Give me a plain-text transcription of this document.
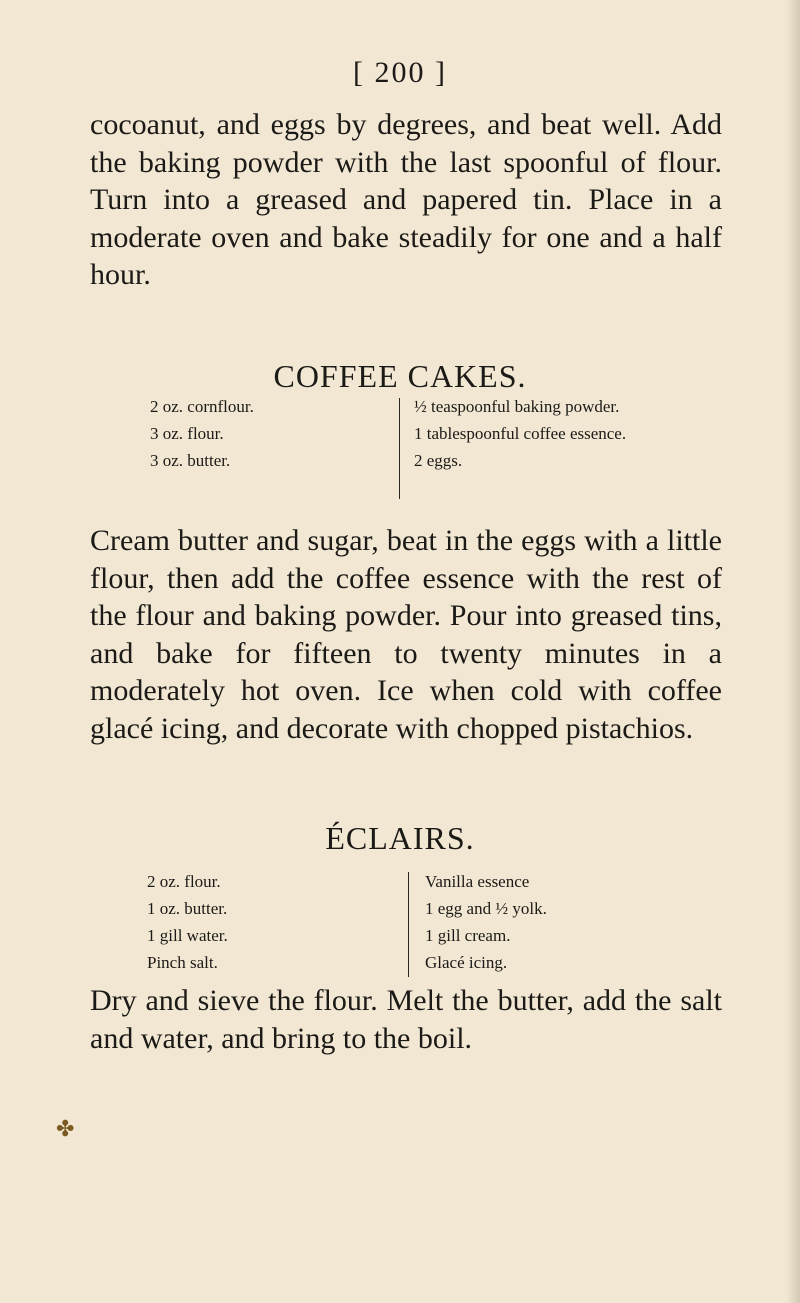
[ 200 ]

cocoanut, and eggs by degrees, and beat well. Add the baking powder with the last spoonful of flour. Turn into a greased and papered tin. Place in a moderate oven and bake steadily for one and a half hour.

COFFEE CAKES.
2 oz. cornflour.
3 oz. flour.
3 oz. butter.
½ teaspoonful baking powder.
1 tablespoonful coffee essence.
2 eggs.

Cream butter and sugar, beat in the eggs with a little flour, then add the coffee essence with the rest of the flour and baking powder. Pour into greased tins, and bake for fifteen to twenty minutes in a moderately hot oven. Ice when cold with coffee glacé icing, and decorate with chopped pistachios.

ÉCLAIRS.
2 oz. flour.
1 oz. butter.
1 gill water.
Pinch salt.
Vanilla essence
1 egg and ½ yolk.
1 gill cream.
Glacé icing.

Dry and sieve the flour. Melt the butter, add the salt and water, and bring to the boil.

✤
